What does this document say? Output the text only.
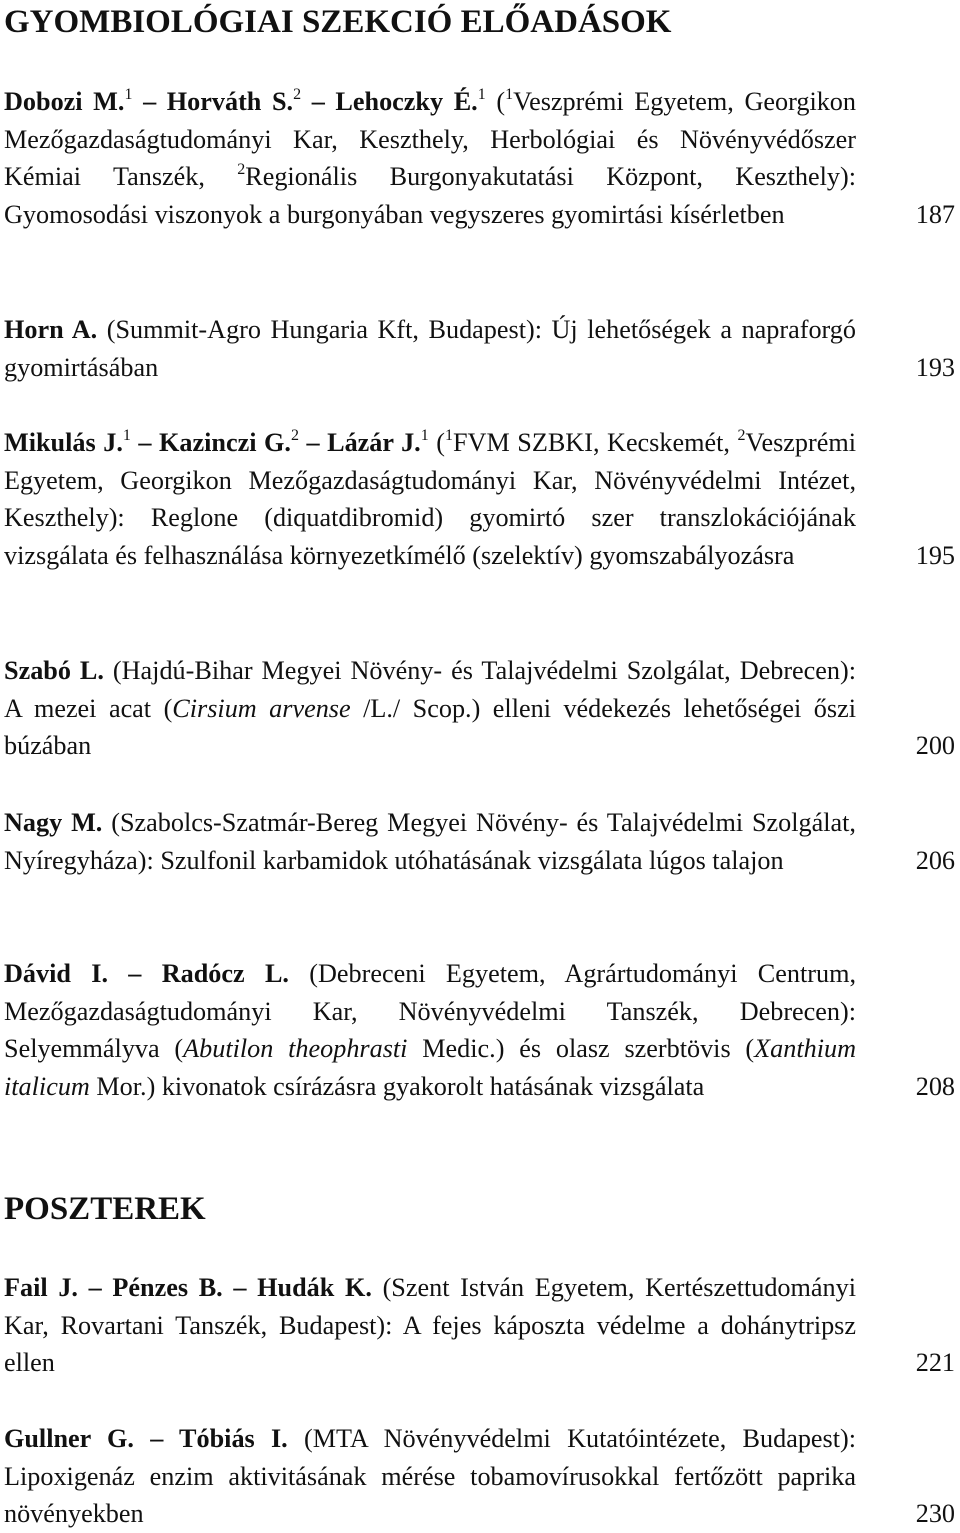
GYOMBIOLÓGIAI SZEKCIÓ ELŐADÁSOK
Dobozi M.$^1$ – Horváth S.$^2$ – Lehoczky É.$^1$ ($^1$Veszprémi Egyetem, Georgikon Mezőgazdaságtudományi Kar, Keszthely, Herbológiai és Növényvédőszer Kémiai Tanszék, $^2$Regionális Burgonyakutatási Központ, Keszthely): Gyomosodási viszonyok a burgonyában vegyszeres gyomirtási kísérletben	187
Horn A. (Summit-Agro Hungaria Kft, Budapest): Új lehetőségek a napraforgó gyomirtásában	193
Mikulás J.$^1$ – Kazinczi G.$^2$ – Lázár J.$^1$ ($^1$FVM SZBKI, Kecskemét, $^2$Veszprémi Egyetem, Georgikon Mezőgazdaságtudományi Kar, Növényvédelmi Intézet, Keszthely): Reglone (diquatdibromid) gyomirtó szer transzlokációjának vizsgálata és felhasználása környezetkímélő (szelektív) gyomszabályozásra	195
Szabó L. (Hajdú-Bihar Megyei Növény- és Talajvédelmi Szolgálat, Debrecen): A mezei acat (Cirsium arvense /L./ Scop.) elleni védekezés lehetőségei őszi búzában	200
Nagy M. (Szabolcs-Szatmár-Bereg Megyei Növény- és Talajvédelmi Szolgálat, Nyíregyháza): Szulfonil karbamidok utóhatásának vizsgálata lúgos talajon	206
Dávid I. – Radócz L. (Debreceni Egyetem, Agrártudományi Centrum, Mezőgazdaságtudományi Kar, Növényvédelmi Tanszék, Debrecen): Selyemmályva (Abutilon theophrasti Medic.) és olasz szerbtövis (Xanthium italicum Mor.) kivonatok csírázásra gyakorolt hatásának vizsgálata	208
POSZTEREK
Fail J. – Pénzes B. – Hudák K. (Szent István Egyetem, Kertészettudományi Kar, Rovartani Tanszék, Budapest): A fejes káposzta védelme a dohánytripsz ellen	221
Gullner G. – Tóbiás I. (MTA Növényvédelmi Kutatóintézete, Budapest): Lipoxigenáz enzim aktivitásának mérése tobamovírusokkal fertőzött paprika növényekben	230
